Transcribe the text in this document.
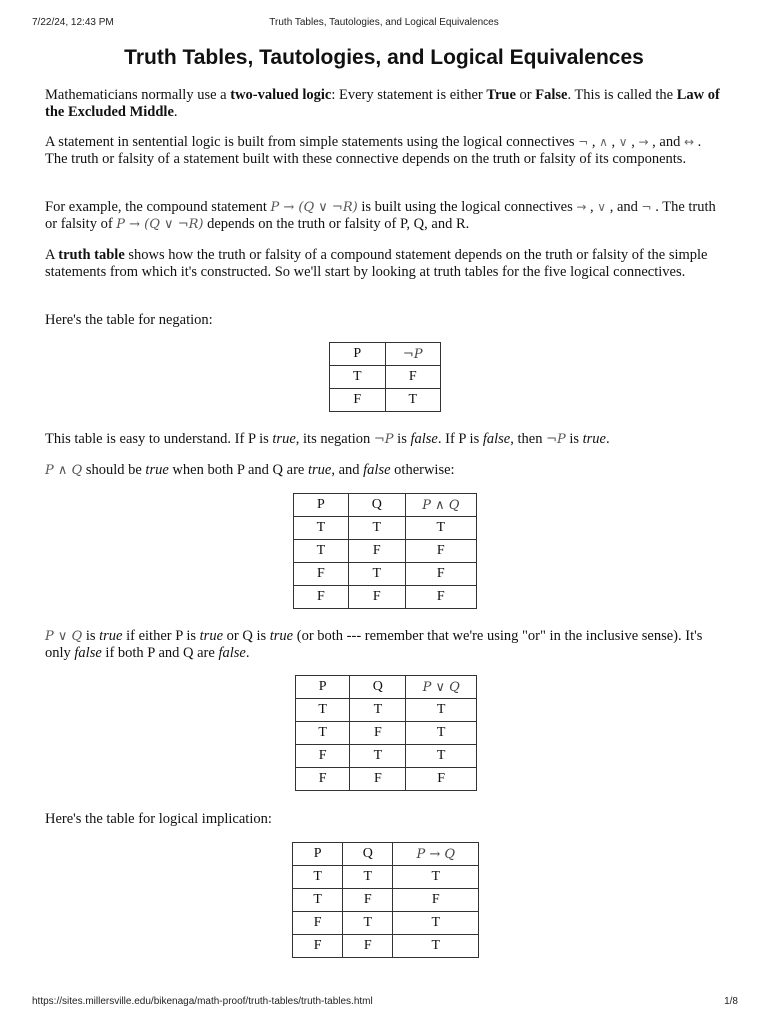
7/22/24, 12:43 PM	Truth Tables, Tautologies, and Logical Equivalences
Truth Tables, Tautologies, and Logical Equivalences

Mathematicians normally use a two-valued logic: Every statement is either True or False. This is called the Law of the Excluded Middle.

A statement in sentential logic is built from simple statements using the logical connectives ¬ , ∧ , ∨ , → , and ↔ . The truth or falsity of a statement built with these connective depends on the truth or falsity of its components.

For example, the compound statement P → (Q ∨ ¬R) is built using the logical connectives → , ∨ , and ¬ . The truth or falsity of P → (Q ∨ ¬R) depends on the truth or falsity of P, Q, and R.

A truth table shows how the truth or falsity of a compound statement depends on the truth or falsity of the simple statements from which it's constructed. So we'll start by looking at truth tables for the five logical connectives.

Here's the table for negation:

P	¬P
T	F
F	T

This table is easy to understand. If P is true, its negation ¬P is false. If P is false, then ¬P is true.

P ∧ Q should be true when both P and Q are true, and false otherwise:

P	Q	P ∧ Q
T	T	T
T	F	F
F	T	F
F	F	F

P ∨ Q is true if either P is true or Q is true (or both --- remember that we're using "or" in the inclusive sense). It's only false if both P and Q are false.

P	Q	P ∨ Q
T	T	T
T	F	T
F	T	T
F	F	F

Here's the table for logical implication:

P	Q	P → Q
T	T	T
T	F	F
F	T	T
F	F	T
https://sites.millersville.edu/bikenaga/math-proof/truth-tables/truth-tables.html	1/8
